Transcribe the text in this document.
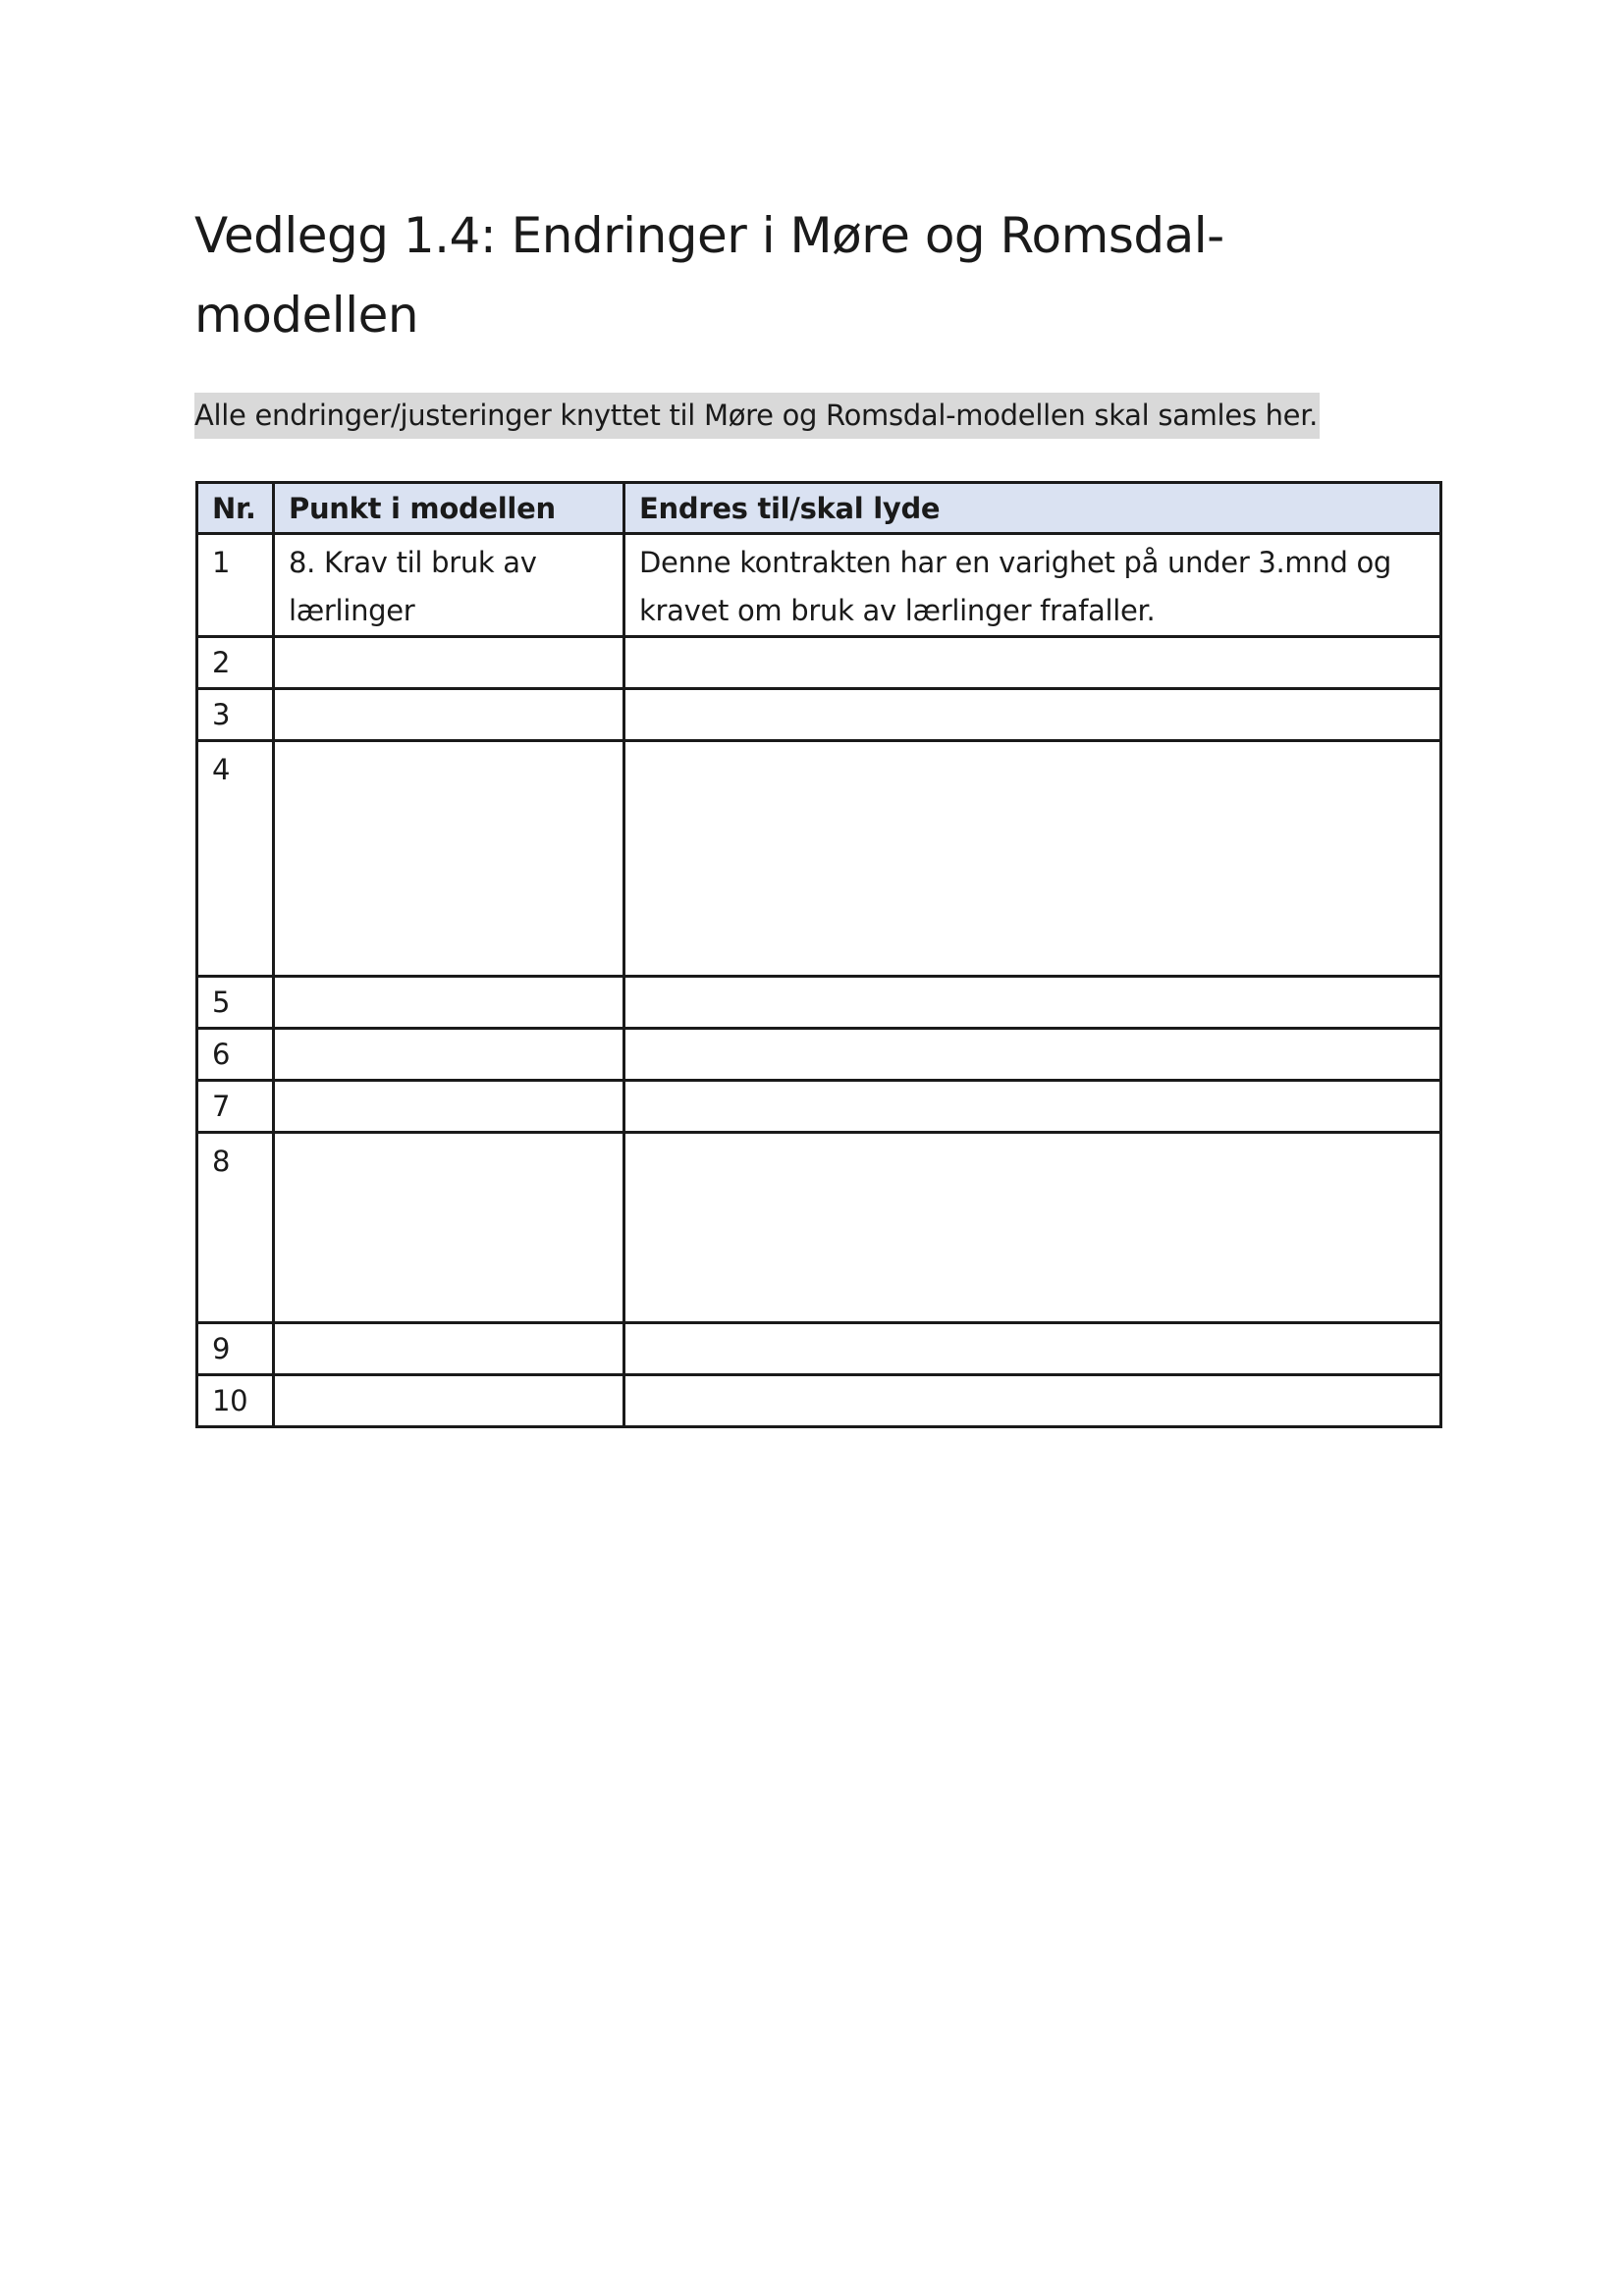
Vedlegg 1.4: Endringer i Møre og Romsdal-modellen
Alle endringer/justeringer knyttet til Møre og Romsdal-modellen skal samles her.
Nr.	Punkt i modellen	Endres til/skal lyde
1	8. Krav til bruk av lærlinger	Denne kontrakten har en varighet på under 3.mnd og kravet om bruk av lærlinger frafaller.
2		
3		
4		
5		
6		
7		
8		
9		
10		
